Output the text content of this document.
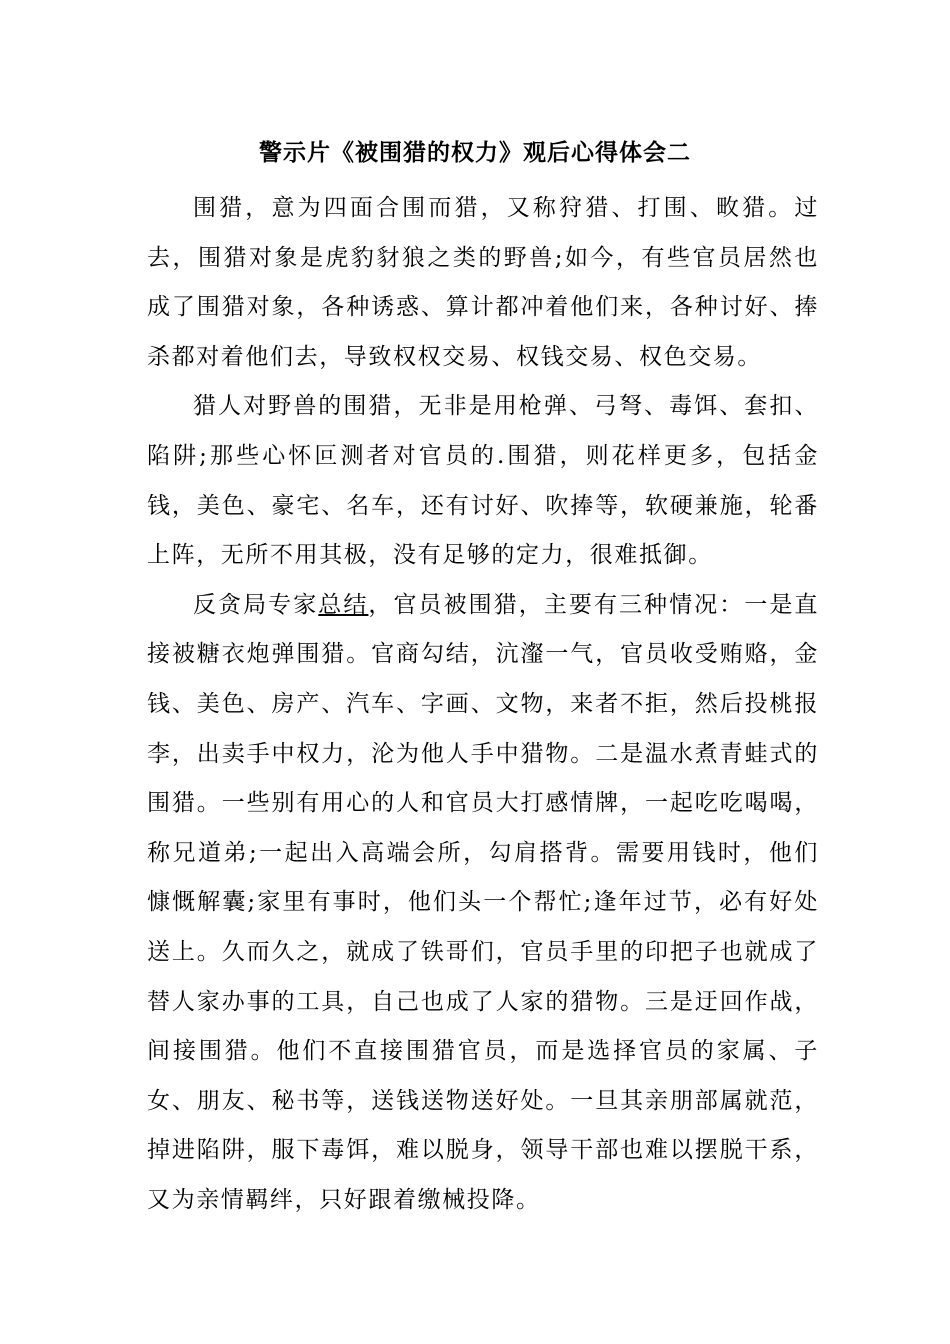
警示片《被围猎的权力》观后心得体会二

围猎，意为四面合围而猎，又称狩猎、打围、畋猎。过去，围猎对象是虎豹豺狼之类的野兽;如今，有些官员居然也成了围猎对象，各种诱惑、算计都冲着他们来，各种讨好、捧杀都对着他们去，导致权权交易、权钱交易、权色交易。

猎人对野兽的围猎，无非是用枪弹、弓弩、毒饵、套扣、陷阱;那些心怀叵测者对官员的.围猎，则花样更多，包括金钱，美色、豪宅、名车，还有讨好、吹捧等，软硬兼施，轮番上阵，无所不用其极，没有足够的定力，很难抵御。

反贪局专家总结，官员被围猎，主要有三种情况：一是直接被糖衣炮弹围猎。官商勾结，沆瀣一气，官员收受贿赂，金钱、美色、房产、汽车、字画、文物，来者不拒，然后投桃报李，出卖手中权力，沦为他人手中猎物。二是温水煮青蛙式的围猎。一些别有用心的人和官员大打感情牌，一起吃吃喝喝，称兄道弟;一起出入高端会所，勾肩搭背。需要用钱时，他们慷慨解囊;家里有事时，他们头一个帮忙;逢年过节，必有好处送上。久而久之，就成了铁哥们，官员手里的印把子也就成了替人家办事的工具，自己也成了人家的猎物。三是迂回作战，间接围猎。他们不直接围猎官员，而是选择官员的家属、子女、朋友、秘书等，送钱送物送好处。一旦其亲朋部属就范，掉进陷阱，服下毒饵，难以脱身，领导干部也难以摆脱干系，又为亲情羁绊，只好跟着缴械投降。
